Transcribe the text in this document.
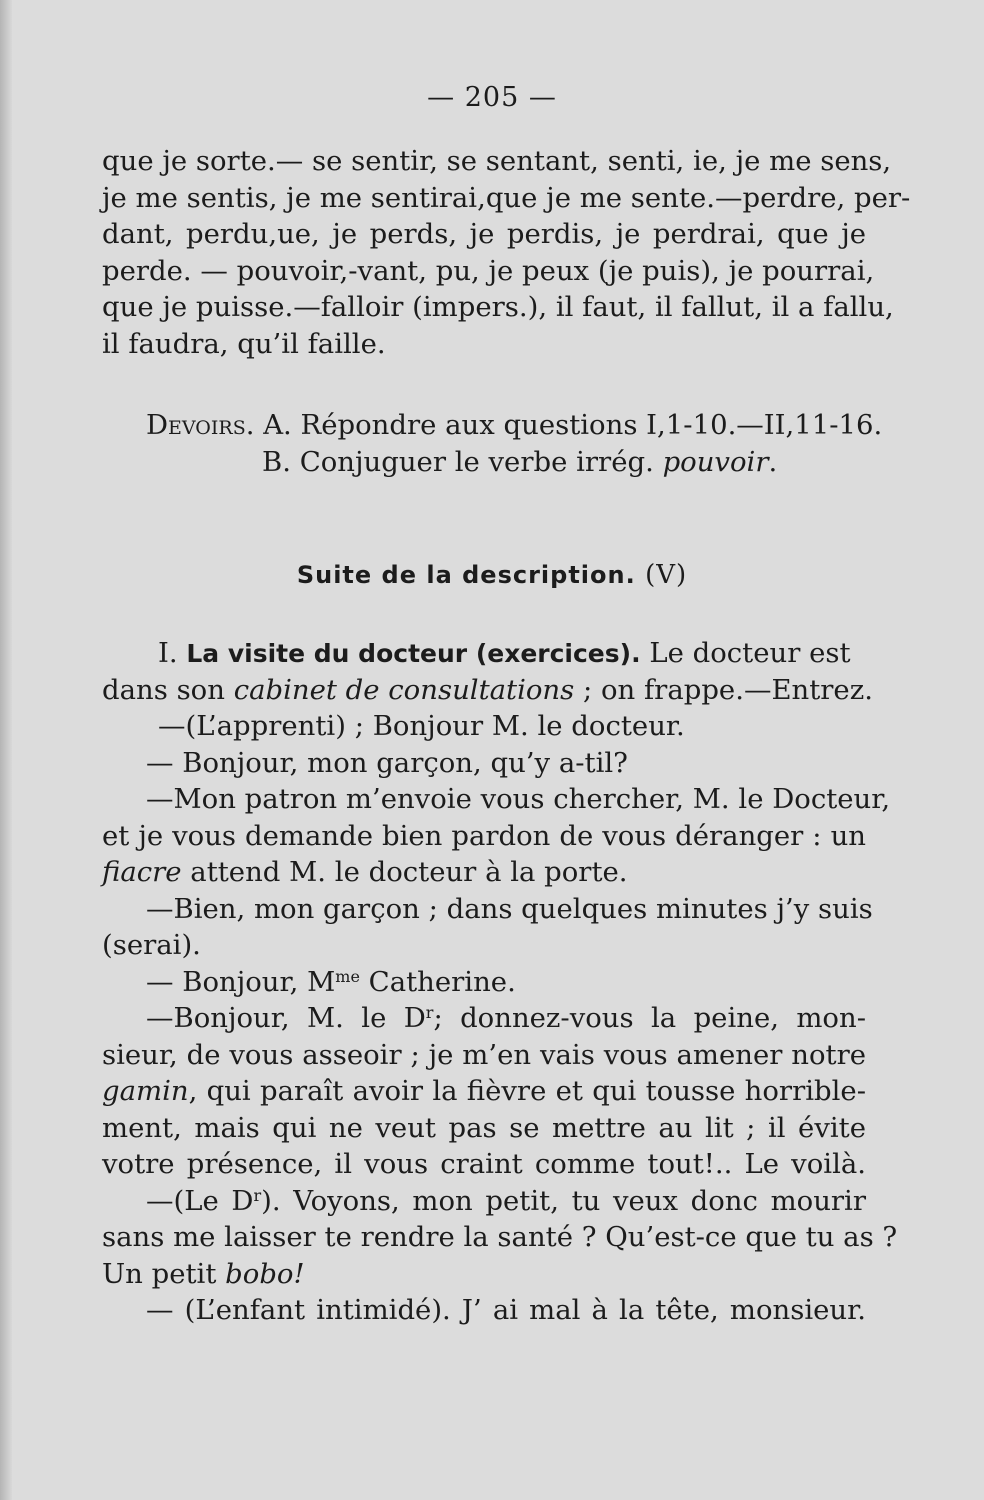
— 205 —
que je sorte.— se sentir, se sentant, senti, ie, je me sens,
je me sentis, je me sentirai,que je me sente.—perdre, per-
dant, perdu,ue, je perds, je perdis, je perdrai, que je
perde. — pouvoir,-vant, pu, je peux (je puis), je pourrai,
que je puisse.—falloir (impers.), il faut, il fallut, il a fallu,
il faudra, qu’il faille.
Devoirs. A. Répondre aux questions I,1-10.—II,11-16.
B. Conjuguer le verbe irrég. pouvoir.
Suite de la description. (V)
I. La visite du docteur (exercices). Le docteur est
dans son cabinet de consultations ; on frappe.—Entrez.
—(L’apprenti) ; Bonjour M. le docteur.
— Bonjour, mon garçon, qu’y a-til?
—Mon patron m’envoie vous chercher, M. le Docteur,
et je vous demande bien pardon de vous déranger : un
fiacre attend M. le docteur à la porte.
—Bien, mon garçon ; dans quelques minutes j’y suis
(serai).
— Bonjour, $M^{me}$ Catherine.
—Bonjour, M. le $D^r$; donnez-vous la peine, mon-
sieur, de vous asseoir ; je m’en vais vous amener notre
gamin, qui paraît avoir la fièvre et qui tousse horrible-
ment, mais qui ne veut pas se mettre au lit ; il évite
votre présence, il vous craint comme tout!.. Le voilà.
—(Le $D^r$). Voyons, mon petit, tu veux donc mourir
sans me laisser te rendre la santé ? Qu’est-ce que tu as ?
Un petit bobo!
— (L’enfant intimidé). J’ ai mal à la tête, monsieur.
